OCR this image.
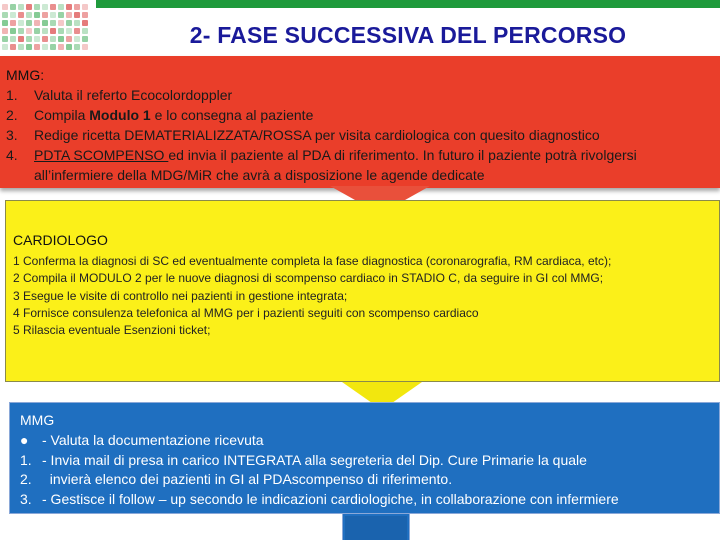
2- FASE SUCCESSIVA DEL PERCORSO
MMG:
1. Valuta il referto Ecocolordoppler
2. Compila Modulo 1 e lo consegna al paziente
3. Redige ricetta DEMATERIALIZZATA/ROSSA per visita cardiologica con quesito diagnostico
4. PDTA SCOMPENSO ed invia il paziente al PDA di riferimento. In futuro il paziente potrà rivolgersi
all’infermiere della MDG/MiR che avrà a disposizione le agende dedicate
CARDIOLOGO
1 Conferma la diagnosi di SC ed eventualmente completa la fase diagnostica (coronarografia, RM cardiaca, etc);
2 Compila il MODULO 2 per le nuove diagnosi di scompenso cardiaco in STADIO C, da seguire in GI col MMG;
3 Esegue le visite di controllo nei pazienti in gestione integrata;
4 Fornisce consulenza telefonica al MMG per i pazienti seguiti con scompenso cardiaco
5 Rilascia eventuale Esenzioni ticket;
MMG
● - Valuta la documentazione ricevuta
1. - Invia mail di presa in carico INTEGRATA alla segreteria del Dip. Cure Primarie la quale
2. invierà elenco dei pazienti in GI al PDAscompenso di riferimento.
3. - Gestisce il follow – up secondo le indicazioni cardiologiche, in collaborazione con infermiere
